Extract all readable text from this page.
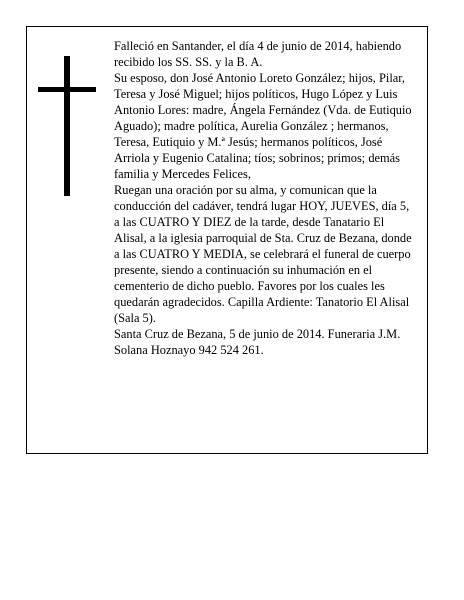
Falleció en Santander, el día 4 de junio de 2014, habiendo recibido los SS. SS. y la B. A.

Su esposo, don José Antonio Loreto González; hijos, Pilar, Teresa y José Miguel; hijos políticos, Hugo López y Luis Antonio Lores: madre, Ángela Fernández (Vda. de Eutiquio Aguado); madre política, Aurelia González ; hermanos, Teresa, Eutiquio y M.ª Jesús; hermanos políticos, José Arriola y Eugenio Catalina; tíos; sobrinos; primos; demás familia y Mercedes Felices,

Ruegan una oración por su alma, y comunican que la conducción del cadáver, tendrá lugar HOY, JUEVES, día 5, a las CUATRO Y DIEZ de la tarde, desde Tanatario El Alisal, a la iglesia parroquial de Sta. Cruz de Bezana, donde a las CUATRO Y MEDIA, se celebrará el funeral de cuerpo presente, siendo a continuación su inhumación en el cementerio de dicho pueblo. Favores por los cuales les quedarán agradecidos. Capilla Ardiente: Tanatorio El Alisal (Sala 5).

Santa Cruz de Bezana, 5 de junio de 2014. Funeraria J.M. Solana Hoznayo 942 524 261.
